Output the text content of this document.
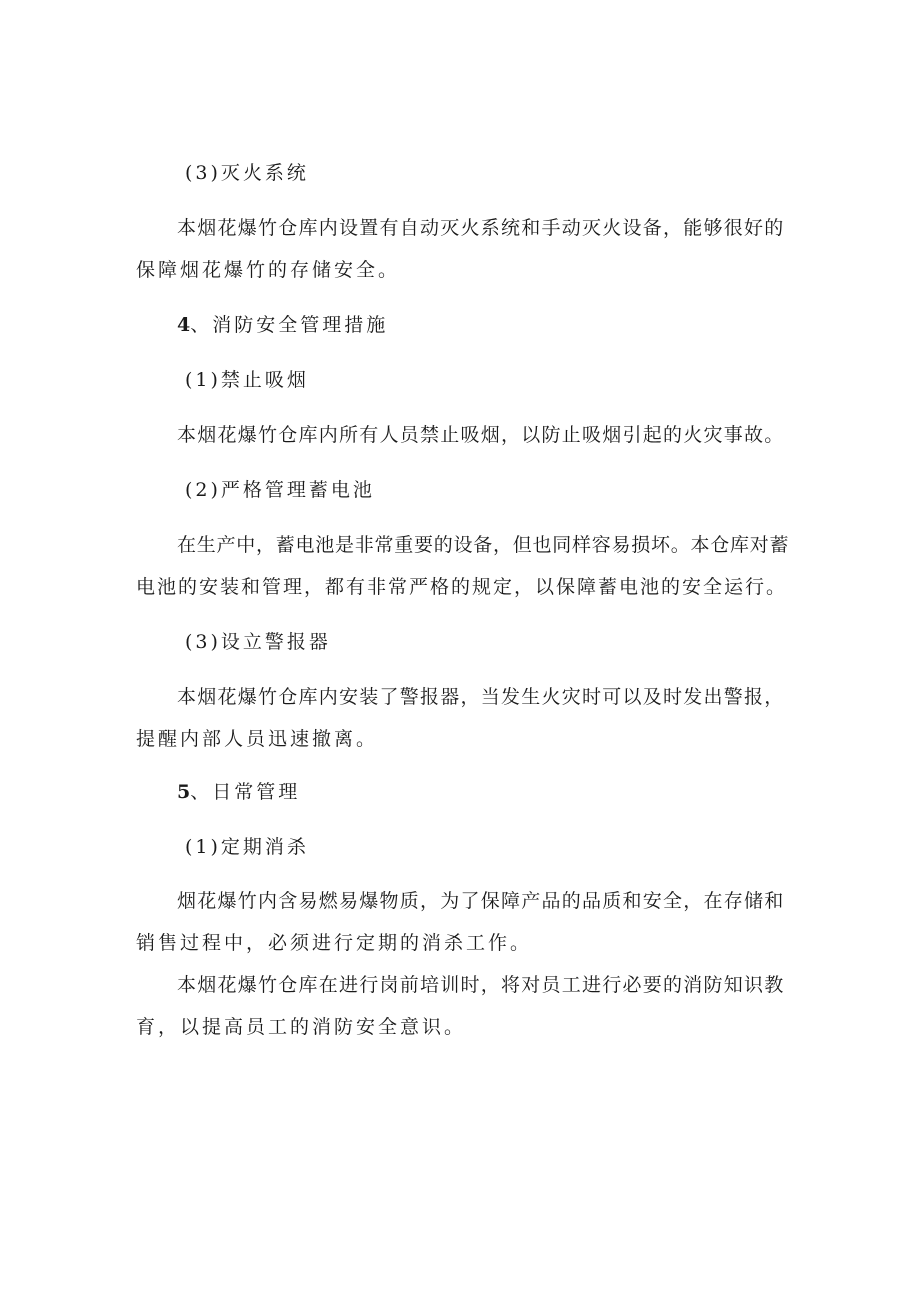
(3)灭火系统
本烟花爆竹仓库内设置有自动灭火系统和手动灭火设备，能够很好的
保障烟花爆竹的存储安全。
4、消防安全管理措施
(1)禁止吸烟
本烟花爆竹仓库内所有人员禁止吸烟，以防止吸烟引起的火灾事故。
(2)严格管理蓄电池
在生产中，蓄电池是非常重要的设备，但也同样容易损坏。本仓库对蓄
电池的安装和管理，都有非常严格的规定，以保障蓄电池的安全运行。
(3)设立警报器
本烟花爆竹仓库内安装了警报器，当发生火灾时可以及时发出警报，
提醒内部人员迅速撤离。
5、日常管理
(1)定期消杀
烟花爆竹内含易燃易爆物质，为了保障产品的品质和安全，在存储和
销售过程中，必须进行定期的消杀工作。
本烟花爆竹仓库在进行岗前培训时，将对员工进行必要的消防知识教
育，以提高员工的消防安全意识。
